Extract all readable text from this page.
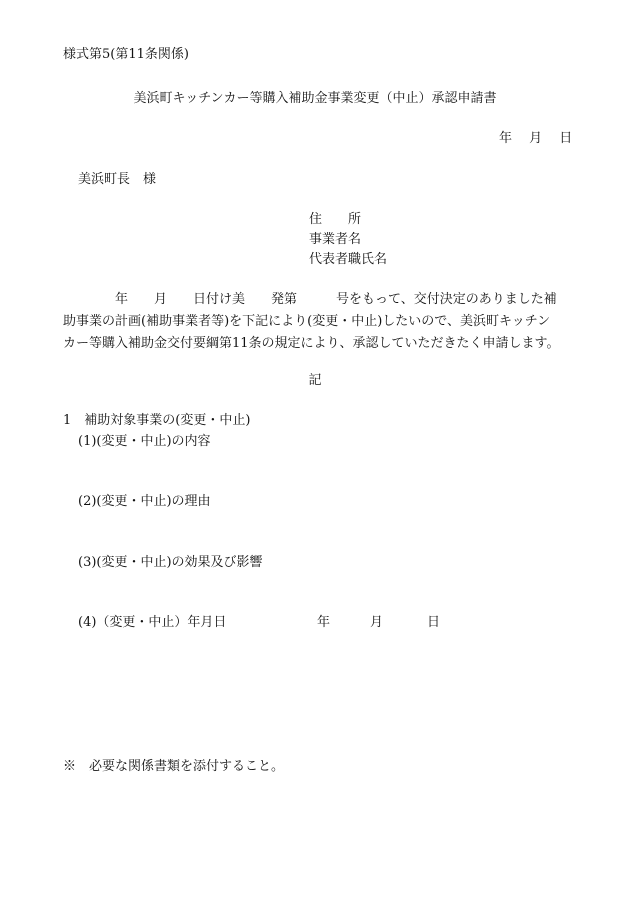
様式第5(第11条関係)
美浜町キッチンカー等購入補助金事業変更（中止）承認申請書
年　 月　 日
美浜町長　様
住　　所
事業者名
代表者職氏名
　　　　年　　月　　日付け美　　発第　　　号をもって、交付決定のありました補
助事業の計画(補助事業者等)を下記により(変更・中止)したいので、美浜町キッチン
カー等購入補助金交付要綱第11条の規定により、承認していただきたく申請します。
記
1　補助対象事業の(変更・中止)
(1)(変更・中止)の内容
(2)(変更・中止)の理由
(3)(変更・中止)の効果及び影響
(4)（変更・中止）年月日	年	月	日
※　必要な関係書類を添付すること。
